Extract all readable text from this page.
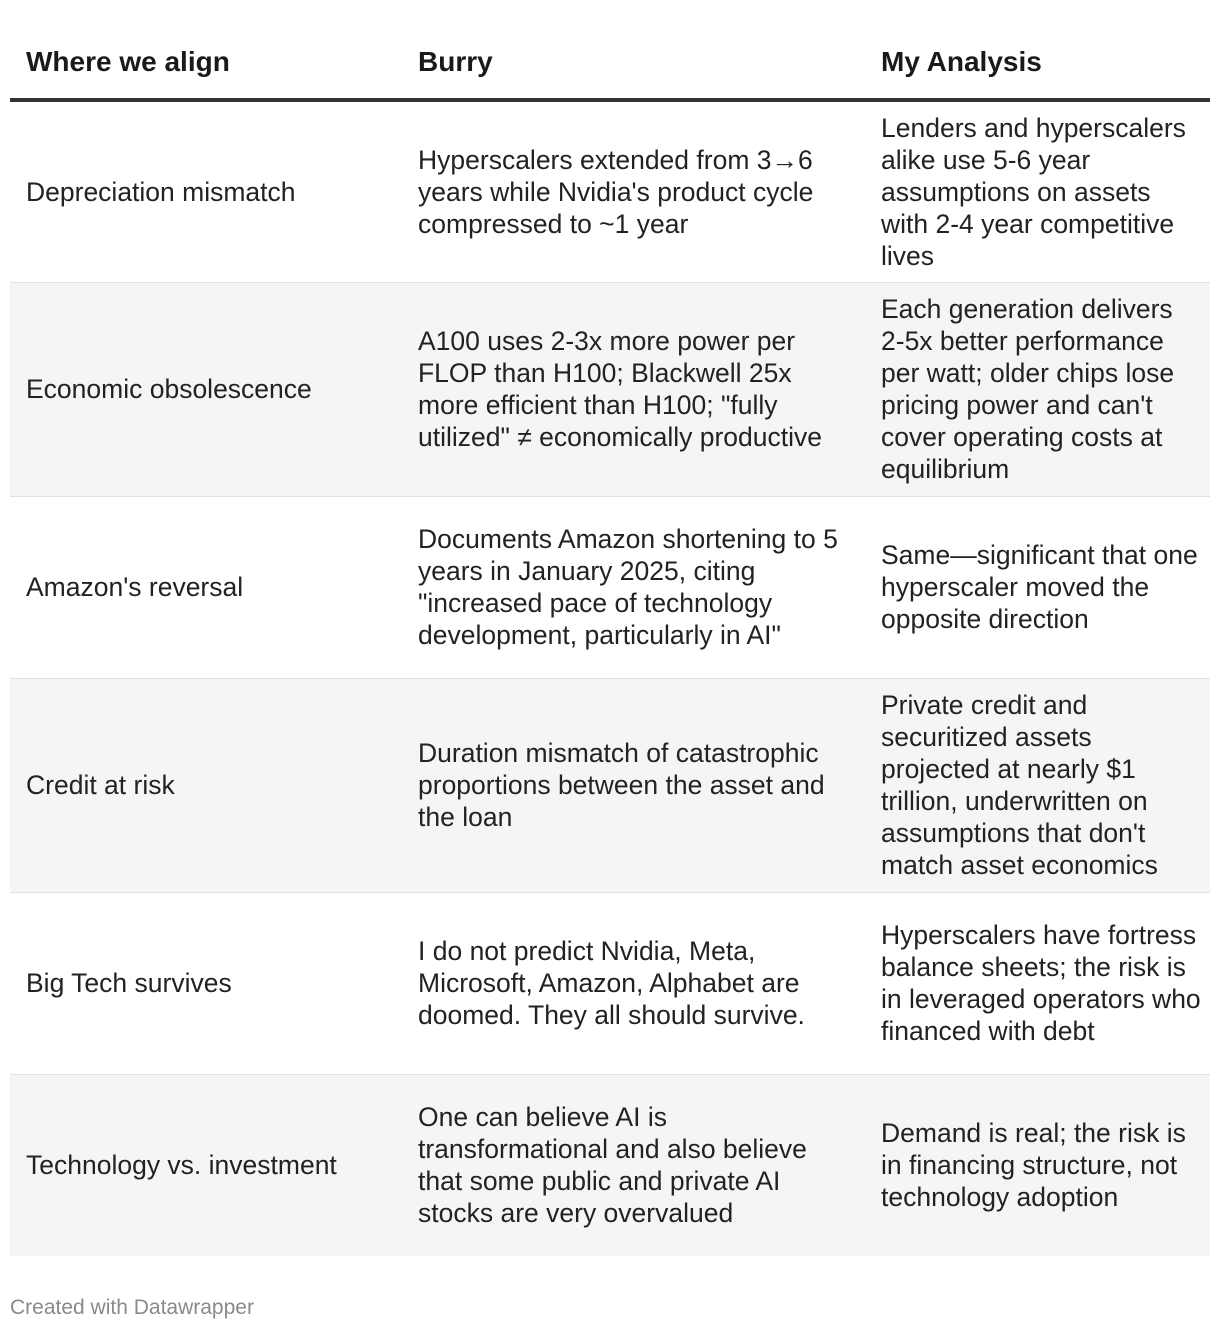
Where we align	Burry	My Analysis
Depreciation mismatch	Hyperscalers extended from 3→6 years while Nvidia's product cycle compressed to ~1 year	Lenders and hyperscalers alike use 5-6 year assumptions on assets with 2-4 year competitive lives
Economic obsolescence	A100 uses 2-3x more power per FLOP than H100; Blackwell 25x more efficient than H100; "fully utilized" ≠ economically productive	Each generation delivers 2-5x better performance per watt; older chips lose pricing power and can't cover operating costs at equilibrium
Amazon's reversal	Documents Amazon shortening to 5 years in January 2025, citing "increased pace of technology development, particularly in AI"	Same—significant that one hyperscaler moved the opposite direction
Credit at risk	Duration mismatch of catastrophic proportions between the asset and the loan	Private credit and securitized assets projected at nearly $1 trillion, underwritten on assumptions that don't match asset economics
Big Tech survives	I do not predict Nvidia, Meta, Microsoft, Amazon, Alphabet are doomed. They all should survive.	Hyperscalers have fortress balance sheets; the risk is in leveraged operators who financed with debt
Technology vs. investment	One can believe AI is transformational and also believe that some public and private AI stocks are very overvalued	Demand is real; the risk is in financing structure, not technology adoption
Created with Datawrapper
